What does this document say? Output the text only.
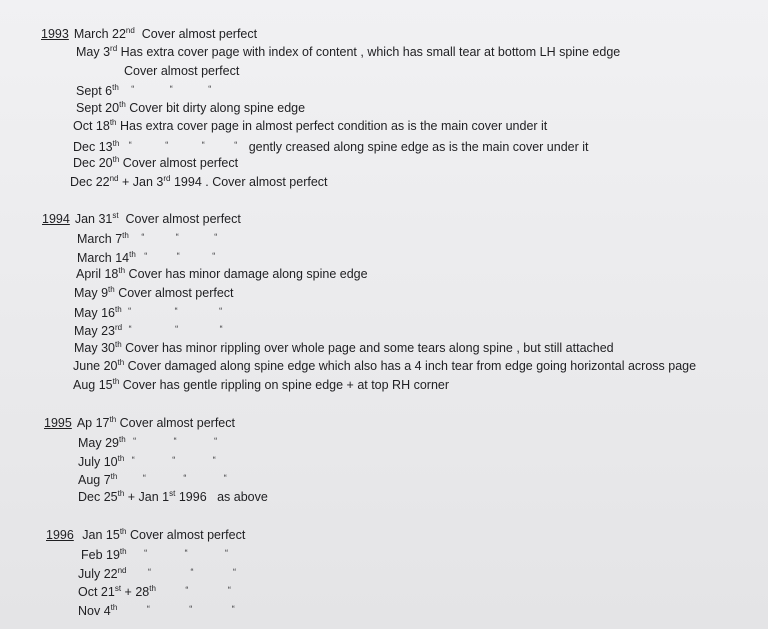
1993 March 22nd Cover almost perfect
May 3rd Has extra cover page with index of content , which has small tear at bottom LH spine edge
Cover almost perfect
Sept 6th “	“	“
Sept 20th Cover bit dirty along spine edge
Oct 18th Has extra cover page in almost perfect condition as is the main cover under it
Dec 13th “	“	“	“ gently creased along spine edge as is the main cover under it
Dec 20th Cover almost perfect
Dec 22nd + Jan 3rd 1994 . Cover almost perfect
1994 Jan 31st Cover almost perfect
March 7th “	“	“
March 14th “	“	“
April 18th Cover has minor damage along spine edge
May 9th Cover almost perfect
May 16th “	“	“
May 23rd “	“	“
May 30th Cover has minor rippling over whole page and some tears along spine , but still attached
June 20th Cover damaged along spine edge which also has a 4 inch tear from edge going horizontal across page
Aug 15th Cover has gentle rippling on spine edge + at top RH corner
1995 Ap 17th Cover almost perfect
May 29th “	“	“
July 10th “	“	“
Aug 7th	“	“	“
Dec 25th + Jan 1st 1996   as above
1996 Jan 15th Cover almost perfect
Feb 19th “	“	“
July 22nd “	“	“
Oct 21st + 28th	“	“
Nov 4th	“	“	“
